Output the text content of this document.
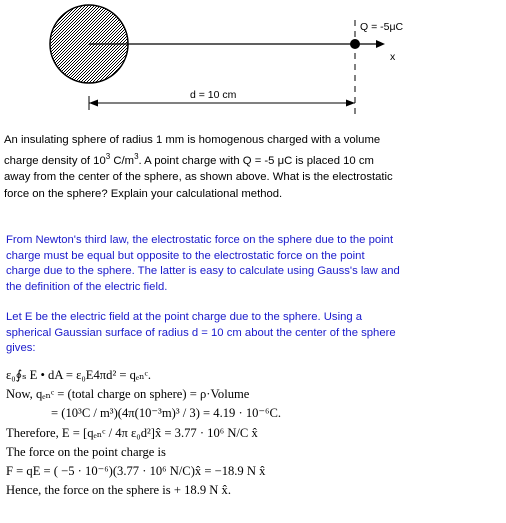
Q = -5μC
x
d = 10 cm
An insulating sphere of radius 1 mm is homogenous charged with a volume
charge density of $10^3$ $C/m^3$. A point charge with Q = -5 μC is placed 10 cm
away from the center of the sphere, as shown above. What is the electrostatic
force on the sphere? Explain your calculational method.
From Newton's third law, the electrostatic force on the sphere due to the point
charge must be equal but opposite to the electrostatic force on the point
charge due to the sphere. The latter is easy to calculate using Gauss's law and
the definition of the electric field.
Let E be the electric field at the point charge due to the sphere. Using a
spherical Gaussian surface of radius d = 10 cm about the center of the sphere
gives:
ε₀∮ₛ E • dA = ε₀E4πd² = qₑₙᶜ.
Now, qₑₙᶜ = (total charge on sphere) = ρ·Volume
= (10³C / m³)(4π(10⁻³m)³ / 3) = 4.19 · 10⁻⁶C.
Therefore, E = [qₑₙᶜ / 4π ε₀d²]x̂ = 3.77 · 10⁶ N/C x̂
The force on the point charge is
F = qE = ( −5 · 10⁻⁶)(3.77 · 10⁶ N/C)x̂ = −18.9 N x̂
Hence, the force on the sphere is + 18.9 N x̂.
